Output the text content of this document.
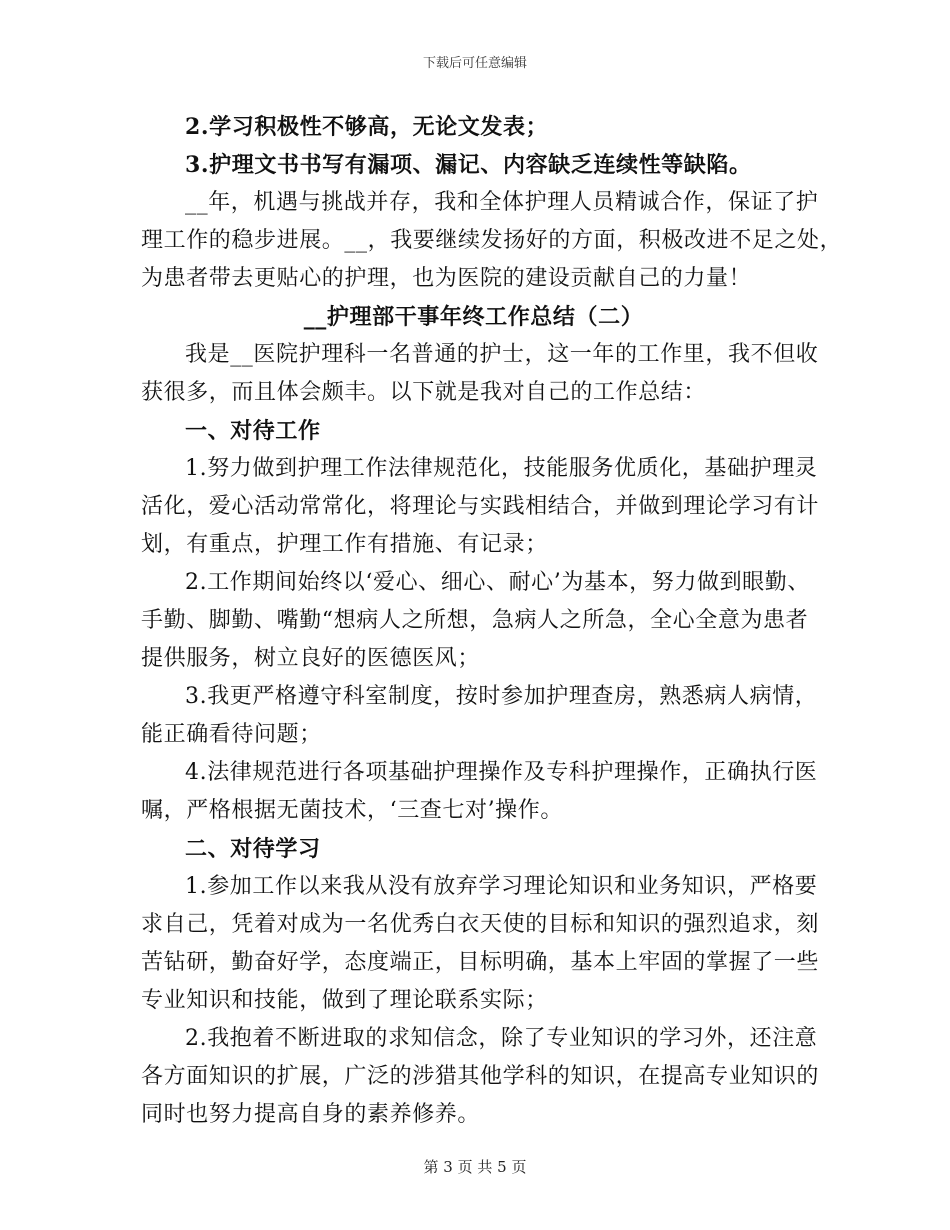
下载后可任意编辑
2.学习积极性不够高，无论文发表；
3.护理文书书写有漏项、漏记、内容缺乏连续性等缺陷。
__年，机遇与挑战并存，我和全体护理人员精诚合作，保证了护
理工作的稳步进展。__，我要继续发扬好的方面，积极改进不足之处，
为患者带去更贴心的护理，也为医院的建设贡献自己的力量！
__护理部干事年终工作总结（二）
我是__医院护理科一名普通的护士，这一年的工作里，我不但收
获很多，而且体会颇丰。以下就是我对自己的工作总结：
一、对待工作
1.努力做到护理工作法律规范化，技能服务优质化，基础护理灵
活化，爱心活动常常化，将理论与实践相结合，并做到理论学习有计
划，有重点，护理工作有措施、有记录；
2.工作期间始终以‘爱心、细心、耐心’为基本，努力做到眼勤、
手勤、脚勤、嘴勤“想病人之所想，急病人之所急，全心全意为患者
提供服务，树立良好的医德医风；
3.我更严格遵守科室制度，按时参加护理查房，熟悉病人病情，
能正确看待问题；
4.法律规范进行各项基础护理操作及专科护理操作，正确执行医
嘱，严格根据无菌技术，‘三查七对’操作。
二、对待学习
1.参加工作以来我从没有放弃学习理论知识和业务知识，严格要
求自己，凭着对成为一名优秀白衣天使的目标和知识的强烈追求，刻
苦钻研，勤奋好学，态度端正，目标明确，基本上牢固的掌握了一些
专业知识和技能，做到了理论联系实际；
2.我抱着不断进取的求知信念，除了专业知识的学习外，还注意
各方面知识的扩展，广泛的涉猎其他学科的知识，在提高专业知识的
同时也努力提高自身的素养修养。
第 3 页 共 5 页
